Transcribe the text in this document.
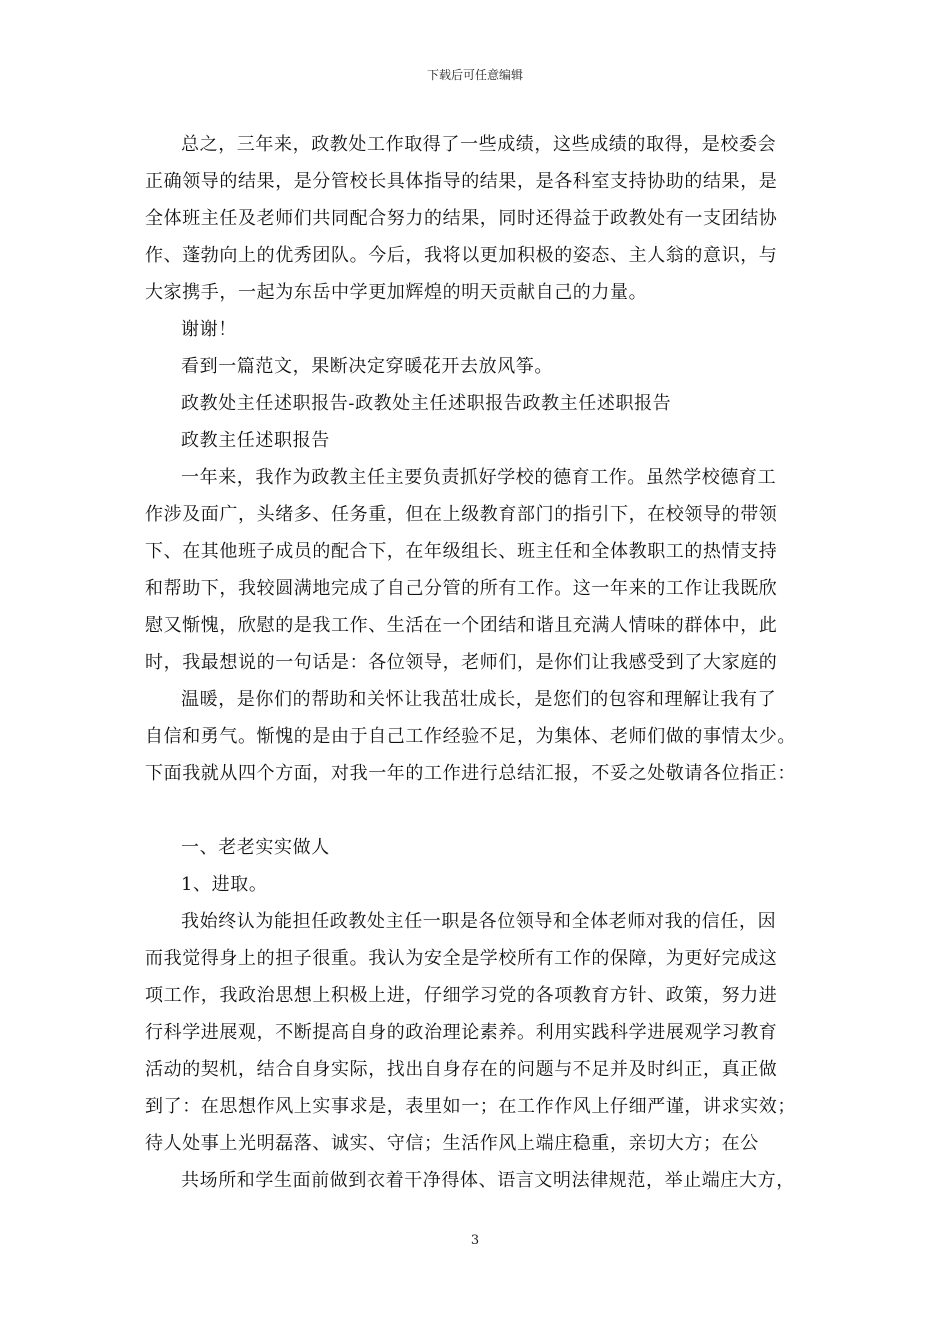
下载后可任意编辑
总之，三年来，政教处工作取得了一些成绩，这些成绩的取得，是校委会
正确领导的结果，是分管校长具体指导的结果，是各科室支持协助的结果，是
全体班主任及老师们共同配合努力的结果，同时还得益于政教处有一支团结协
作、蓬勃向上的优秀团队。今后，我将以更加积极的姿态、主人翁的意识，与
大家携手，一起为东岳中学更加辉煌的明天贡献自己的力量。
谢谢！
看到一篇范文，果断决定穿暖花开去放风筝。
政教处主任述职报告-政教处主任述职报告政教主任述职报告
政教主任述职报告
一年来，我作为政教主任主要负责抓好学校的德育工作。虽然学校德育工
作涉及面广，头绪多、任务重，但在上级教育部门的指引下，在校领导的带领
下、在其他班子成员的配合下，在年级组长、班主任和全体教职工的热情支持
和帮助下，我较圆满地完成了自己分管的所有工作。这一年来的工作让我既欣
慰又惭愧，欣慰的是我工作、生活在一个团结和谐且充满人情味的群体中，此
时，我最想说的一句话是：各位领导，老师们，是你们让我感受到了大家庭的
温暖，是你们的帮助和关怀让我茁壮成长，是您们的包容和理解让我有了
自信和勇气。惭愧的是由于自己工作经验不足，为集体、老师们做的事情太少。
下面我就从四个方面，对我一年的工作进行总结汇报，不妥之处敬请各位指正：
一、老老实实做人
1、进取。
我始终认为能担任政教处主任一职是各位领导和全体老师对我的信任，因
而我觉得身上的担子很重。我认为安全是学校所有工作的保障，为更好完成这
项工作，我政治思想上积极上进，仔细学习党的各项教育方针、政策，努力进
行科学进展观，不断提高自身的政治理论素养。利用实践科学进展观学习教育
活动的契机，结合自身实际，找出自身存在的问题与不足并及时纠正，真正做
到了：在思想作风上实事求是，表里如一；在工作作风上仔细严谨，讲求实效；
待人处事上光明磊落、诚实、守信；生活作风上端庄稳重，亲切大方；在公
共场所和学生面前做到衣着干净得体、语言文明法律规范，举止端庄大方，
3
